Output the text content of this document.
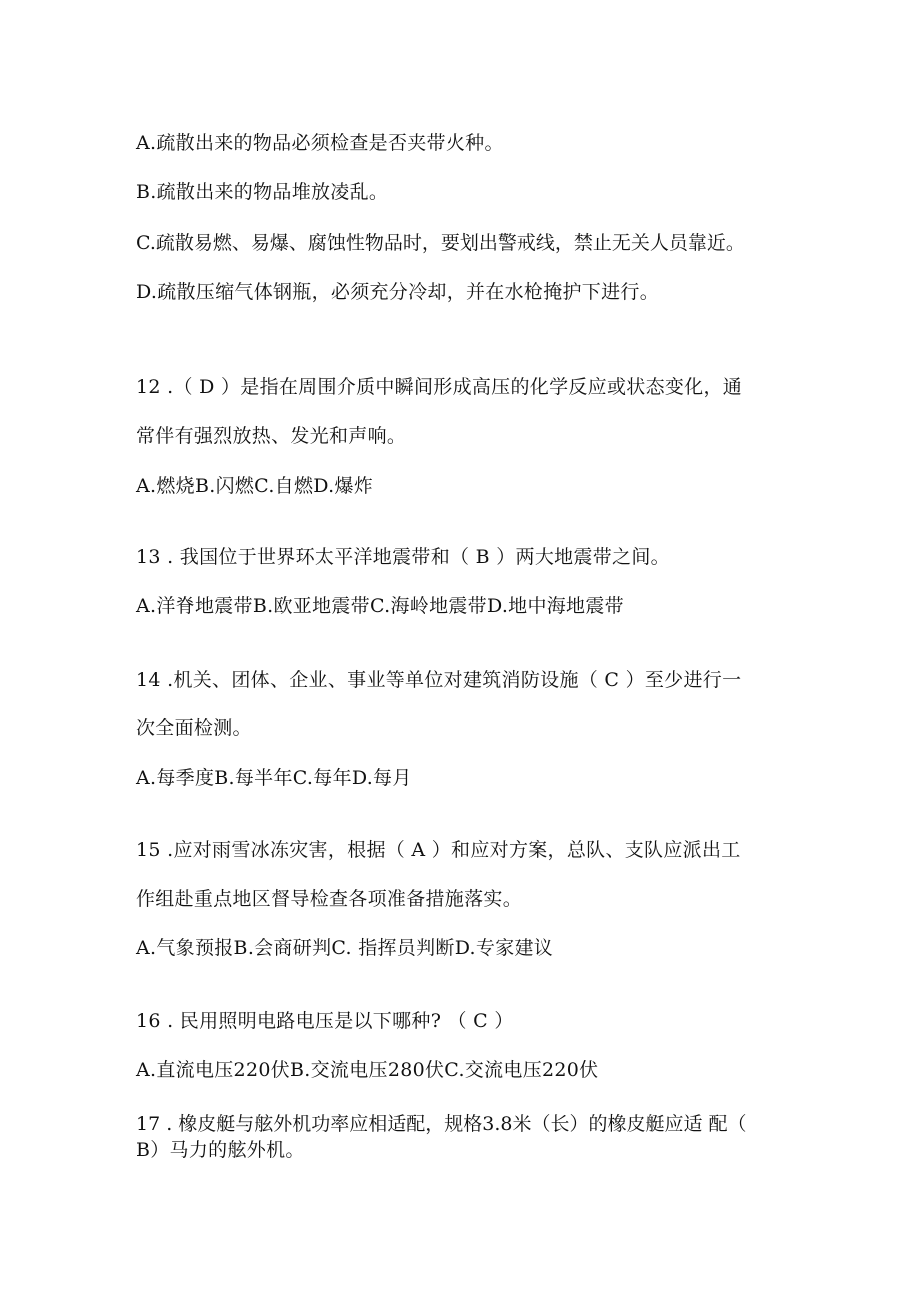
A.疏散出来的物品必须检查是否夹带火种。
B.疏散出来的物品堆放凌乱。
C.疏散易燃、易爆、腐蚀性物品时，要划出警戒线，禁止无关人员靠近。
D.疏散压缩气体钢瓶，必须充分冷却，并在水枪掩护下进行。
12 .（ D ）是指在周围介质中瞬间形成高压的化学反应或状态变化，通
常伴有强烈放热、发光和声响。
A.燃烧B.闪燃C.自燃D.爆炸
13 . 我国位于世界环太平洋地震带和（ B ）两大地震带之间。
A.洋脊地震带B.欧亚地震带C.海岭地震带D.地中海地震带
14 .机关、团体、企业、事业等单位对建筑消防设施（ C ）至少进行一
次全面检测。
A.每季度B.每半年C.每年D.每月
15 .应对雨雪冰冻灾害，根据（ A ）和应对方案，总队、支队应派出工
作组赴重点地区督导检查各项准备措施落实。
A.气象预报B.会商研判C. 指挥员判断D.专家建议
16 . 民用照明电路电压是以下哪种? （ C ）
A.直流电压220伏B.交流电压280伏C.交流电压220伏
17 . 橡皮艇与舷外机功率应相适配，规格3.8米（长）的橡皮艇应适 配（
B）马力的舷外机。
